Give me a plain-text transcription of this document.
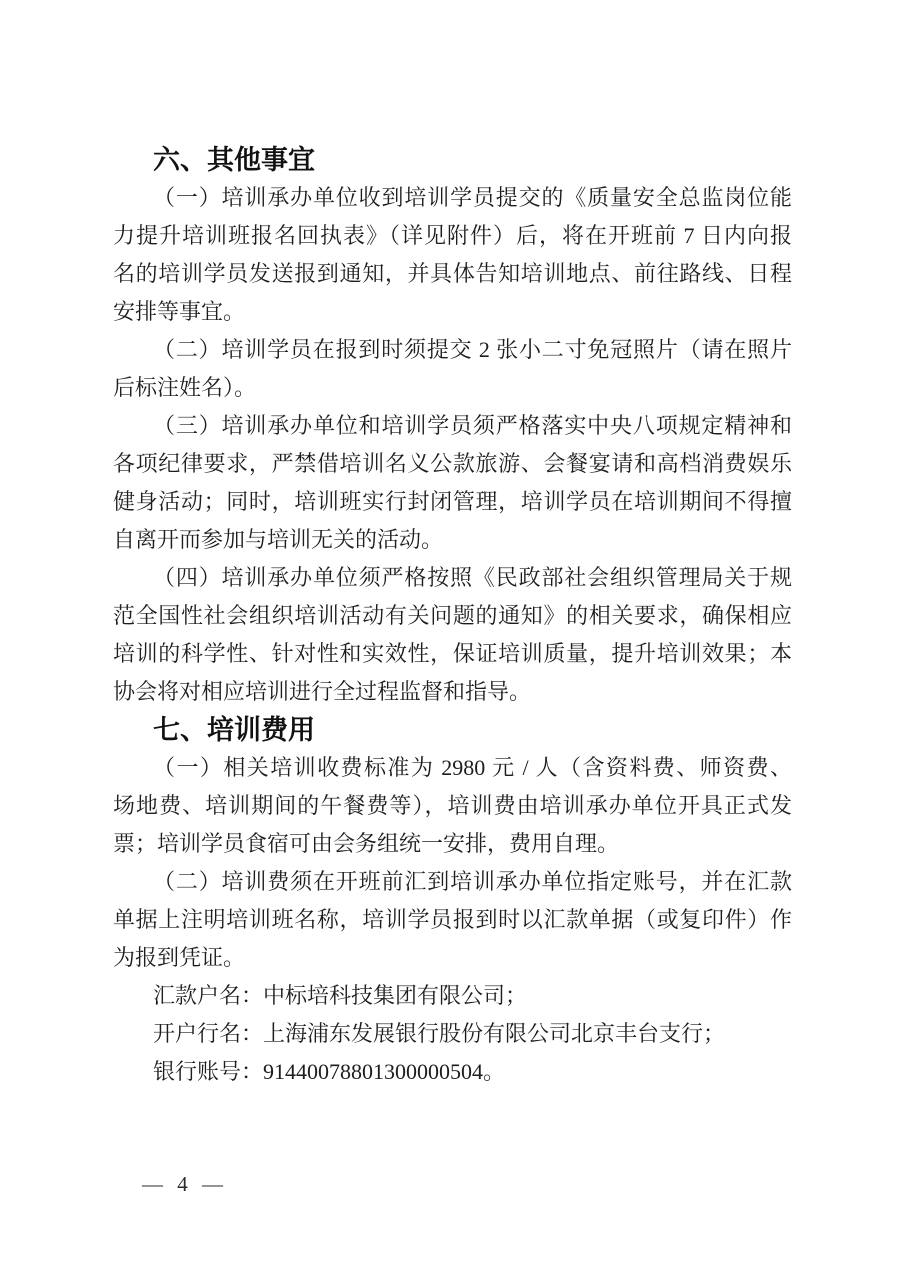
六、其他事宜
（一）培训承办单位收到培训学员提交的《质量安全总监岗位能
力提升培训班报名回执表》（详见附件）后，将在开班前 7 日内向报
名的培训学员发送报到通知，并具体告知培训地点、前往路线、日程
安排等事宜。
（二）培训学员在报到时须提交 2 张小二寸免冠照片（请在照片
后标注姓名）。
（三）培训承办单位和培训学员须严格落实中央八项规定精神和
各项纪律要求，严禁借培训名义公款旅游、会餐宴请和高档消费娱乐
健身活动；同时，培训班实行封闭管理，培训学员在培训期间不得擅
自离开而参加与培训无关的活动。
（四）培训承办单位须严格按照《民政部社会组织管理局关于规
范全国性社会组织培训活动有关问题的通知》的相关要求，确保相应
培训的科学性、针对性和实效性，保证培训质量，提升培训效果；本
协会将对相应培训进行全过程监督和指导。
七、培训费用
（一）相关培训收费标准为 2980 元 / 人（含资料费、师资费、
场地费、培训期间的午餐费等），培训费由培训承办单位开具正式发
票；培训学员食宿可由会务组统一安排，费用自理。
（二）培训费须在开班前汇到培训承办单位指定账号，并在汇款
单据上注明培训班名称，培训学员报到时以汇款单据（或复印件）作
为报到凭证。
汇款户名：中标培科技集团有限公司；
开户行名：上海浦东发展银行股份有限公司北京丰台支行；
银行账号：91440078801300000504。
— 4 —
